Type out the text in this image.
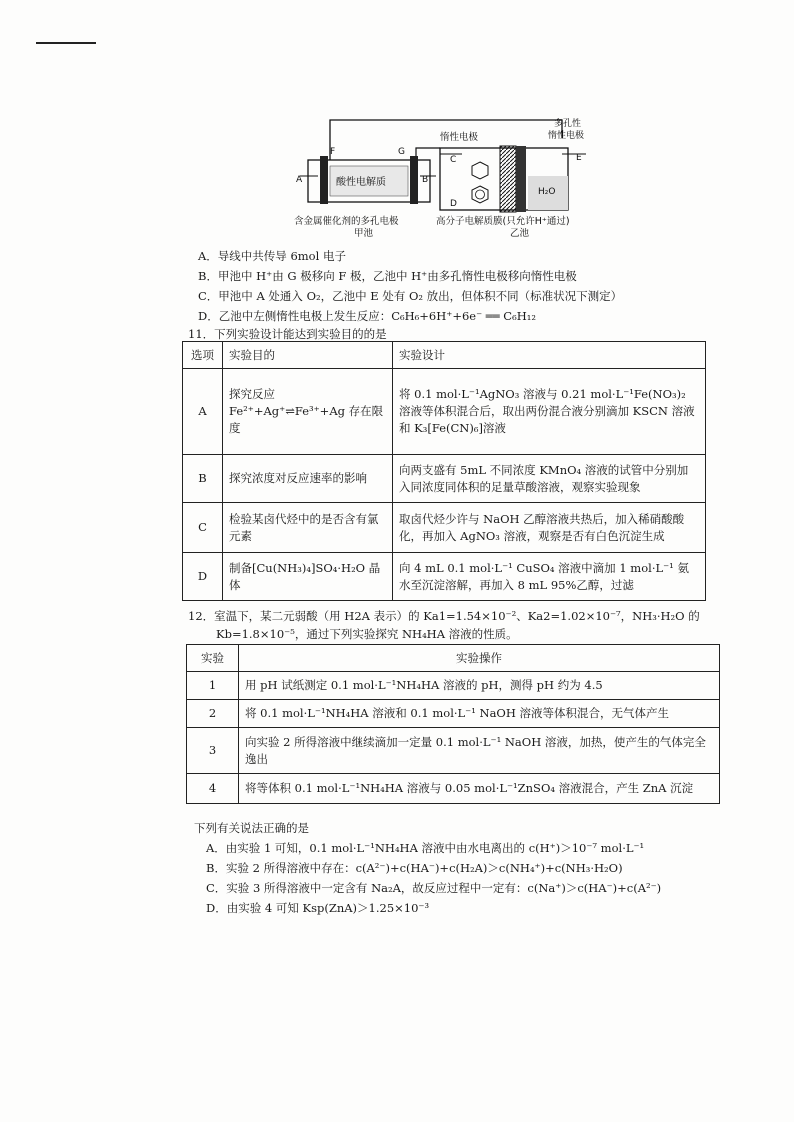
酸性电解质
F	G
A	B
H₂O
C
D
E
惰性电极
多孔性
惰性电极
含金属催化剂的多孔电极	高分子电解质膜(只允许H⁺通过)
甲池	乙池
A．导线中共传导 6mol 电子
B．甲池中 H⁺由 G 极移向 F 极，乙池中 H⁺由多孔惰性电极移向惰性电极
C．甲池中 A 处通入 O₂，乙池中 E 处有 O₂ 放出，但体积不同（标准状况下测定）
D．乙池中左侧惰性电极上发生反应：C₆H₆+6H⁺+6e⁻ ══ C₆H₁₂
11．下列实验设计能达到实验目的的是
选项	实验目的	实验设计
A	探究反应 Fe²⁺+Ag⁺⇌Fe³⁺+Ag 存在限度	将 0.1 mol·L⁻¹AgNO₃ 溶液与 0.21 mol·L⁻¹Fe(NO₃)₂ 溶液等体积混合后，取出两份混合液分别滴加 KSCN 溶液和 K₃[Fe(CN)₆]溶液
B	探究浓度对反应速率的影响	向两支盛有 5mL 不同浓度 KMnO₄ 溶液的试管中分别加入同浓度同体积的足量草酸溶液，观察实验现象
C	检验某卤代烃中的是否含有氯元素	取卤代烃少许与 NaOH 乙醇溶液共热后，加入稀硝酸酸化，再加入 AgNO₃ 溶液，观察是否有白色沉淀生成
D	制备[Cu(NH₃)₄]SO₄·H₂O 晶体	向 4 mL 0.1 mol·L⁻¹ CuSO₄ 溶液中滴加 1 mol·L⁻¹ 氨水至沉淀溶解，再加入 8 mL 95%乙醇，过滤
12．室温下，某二元弱酸（用 H2A 表示）的 Ka1=1.54×10⁻²、Ka2=1.02×10⁻⁷，NH₃·H₂O 的
Kb=1.8×10⁻⁵，通过下列实验探究 NH₄HA 溶液的性质。
实验	实验操作
1	用 pH 试纸测定 0.1 mol·L⁻¹NH₄HA 溶液的 pH，测得 pH 约为 4.5
2	将 0.1 mol·L⁻¹NH₄HA 溶液和 0.1 mol·L⁻¹ NaOH 溶液等体积混合，无气体产生
3	向实验 2 所得溶液中继续滴加一定量 0.1 mol·L⁻¹ NaOH 溶液，加热，使产生的气体完全逸出
4	将等体积 0.1 mol·L⁻¹NH₄HA 溶液与 0.05 mol·L⁻¹ZnSO₄ 溶液混合，产生 ZnA 沉淀
下列有关说法正确的是
A．由实验 1 可知，0.1 mol·L⁻¹NH₄HA 溶液中由水电离出的 c(H⁺)＞10⁻⁷ mol·L⁻¹
B．实验 2 所得溶液中存在：c(A²⁻)+c(HA⁻)+c(H₂A)＞c(NH₄⁺)+c(NH₃·H₂O)
C．实验 3 所得溶液中一定含有 Na₂A，故反应过程中一定有：c(Na⁺)＞c(HA⁻)+c(A²⁻)
D．由实验 4 可知 Ksp(ZnA)＞1.25×10⁻³
